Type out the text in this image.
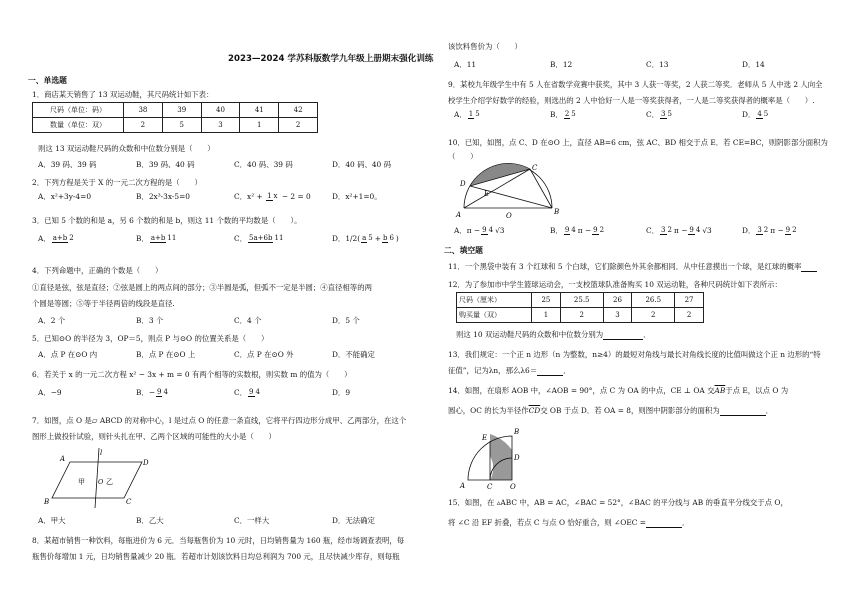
2023—2024 学苏科版数学九年级上册期末强化训练
一、单选题
1．商店某天销售了 13 双运动鞋，其尺码统计如下表：
尺码（单位：码）	38	39	40	41	42
数量（单位：双）	2	5	3	1	2
则这 13 双运动鞋尺码的众数和中位数分别是（　　）
A．39 码、39 码	B．39 码、40 码	C．40 码、39 码	D．40 码、40 码
2．下列方程是关于 X 的一元二次方程的是（　　）
A．x²+3y-4=0	B．2x³-3x-5=0	C．x² + 1 x − 2 = 0	D．x²+1=0。
3．已知 5 个数的和是 a，另 6 个数的和是 b，则这 11 个数的平均数是（　　）。
A． a+b 2	B． a+b 11	C． 5a+6b 11	D．1/2( a 5 + b 6 )
4．下列命题中，正确的个数是（　　）
①直径是弦，弦是直径；②弦是圆上的两点间的部分；③半圆是弧，但弧不一定是半圆；④直径相等的两
个圆是等圆；⑤等于半径两倍的线段是直径.
A．2 个	B．3 个	C．4 个	D．5 个
5．已知⊙O 的半径为 3，OP＝5，则点 P 与⊙O 的位置关系是（　　）
A．点 P 在⊙O 内	B．点 P 在⊙O 上	C．点 P 在⊙O 外	D．不能确定
6．若关于 x 的一元二次方程 x² − 3x + m = 0 有两个相等的实数根，则实数 m 的值为（　　）
A．−9	B．− 9 4	C． 9 4	D．9
7．如图，点 O 是▱ ABCD 的对称中心，l 是过点 O 的任意一条直线，它将平行四边形分成甲、乙两部分，在这个
图形上做投针试验，则针头扎在甲、乙两个区域的可能性的大小是（　　）
A	D
B	C
l
O
甲	乙
A．甲大	B．乙大	C．一样大	D．无法确定
8．某超市销售一种饮料，每瓶进价为 6 元．当每瓶售价为 10 元时，日均销售量为 160 瓶，经市场调查表明，每
瓶售价每增加 1 元，日均销售量减少 20 瓶．若超市计划该饮料日均总利润为 700 元，且尽快减少库存，则每瓶
该饮料售价为（　　）
A．11	B．12	C．13	D．14
9．某校九年级学生中有 5 人在省数学竞赛中获奖，其中 3 人获一等奖，2 人获二等奖．老师从 5 人中选 2 人向全
校学生介绍学好数学的经验，则选出的 2 人中恰好一人是一等奖获得者，一人是二等奖获得者的概率是（　　）.
A． 1 5	B． 2 5	C． 3 5	D． 4 5
10．已知，如图，点 C、D 在⊙O 上，直径 AB=6 cm，弦 AC、BD 相交于点 E．若 CE=BC，则阴影部分面积为
（　　）
A	B
C
D
E
O
A．π − 9 4 √3	B． 9 4 π − 9 2	C． 3 2 π − 9 4 √3	D． 3 2 π − 9 2
二、填空题
11．一个黑袋中装有 3 个红球和 5 个白球，它们除颜色外其余都相同．从中任意摸出一个球，是红球的概率
12．为了参加市中学生篮球运动会，一支校篮球队准备购买 10 双运动鞋，各种尺码统计如下表所示：
尺码（厘米）	25	25.5	26	26.5	27
购买量（双）	1	2	3	2	2
则这 10 双运动鞋尺码的众数和中位数分别为	．
13．我们规定：一个正 n 边形（n 为整数，n≥4）的最短对角线与最长对角线长度的比值叫做这个正 n 边形的“特
征值”，记为λn，那么λ6＝	．
14．如图，在扇形 AOB 中，∠AOB = 90°，点 C 为 OA 的中点，CE ⊥ OA 交$\overline{AB}$于点 E，以点 O 为
圆心，OC 的长为半径作$\overline{CD}$交 OB 于点 D．若 OA = 8，则图中阴影部分的面积为	．
A
B
C
D
E
O
15．如图，在 ▵ABC 中，AB = AC，∠BAC = 52°，∠BAC 的平分线与 AB 的垂直平分线交于点 O，
将 ∠C 沿 EF 折叠，若点 C 与点 O 恰好重合，则 ∠OEC =	．
